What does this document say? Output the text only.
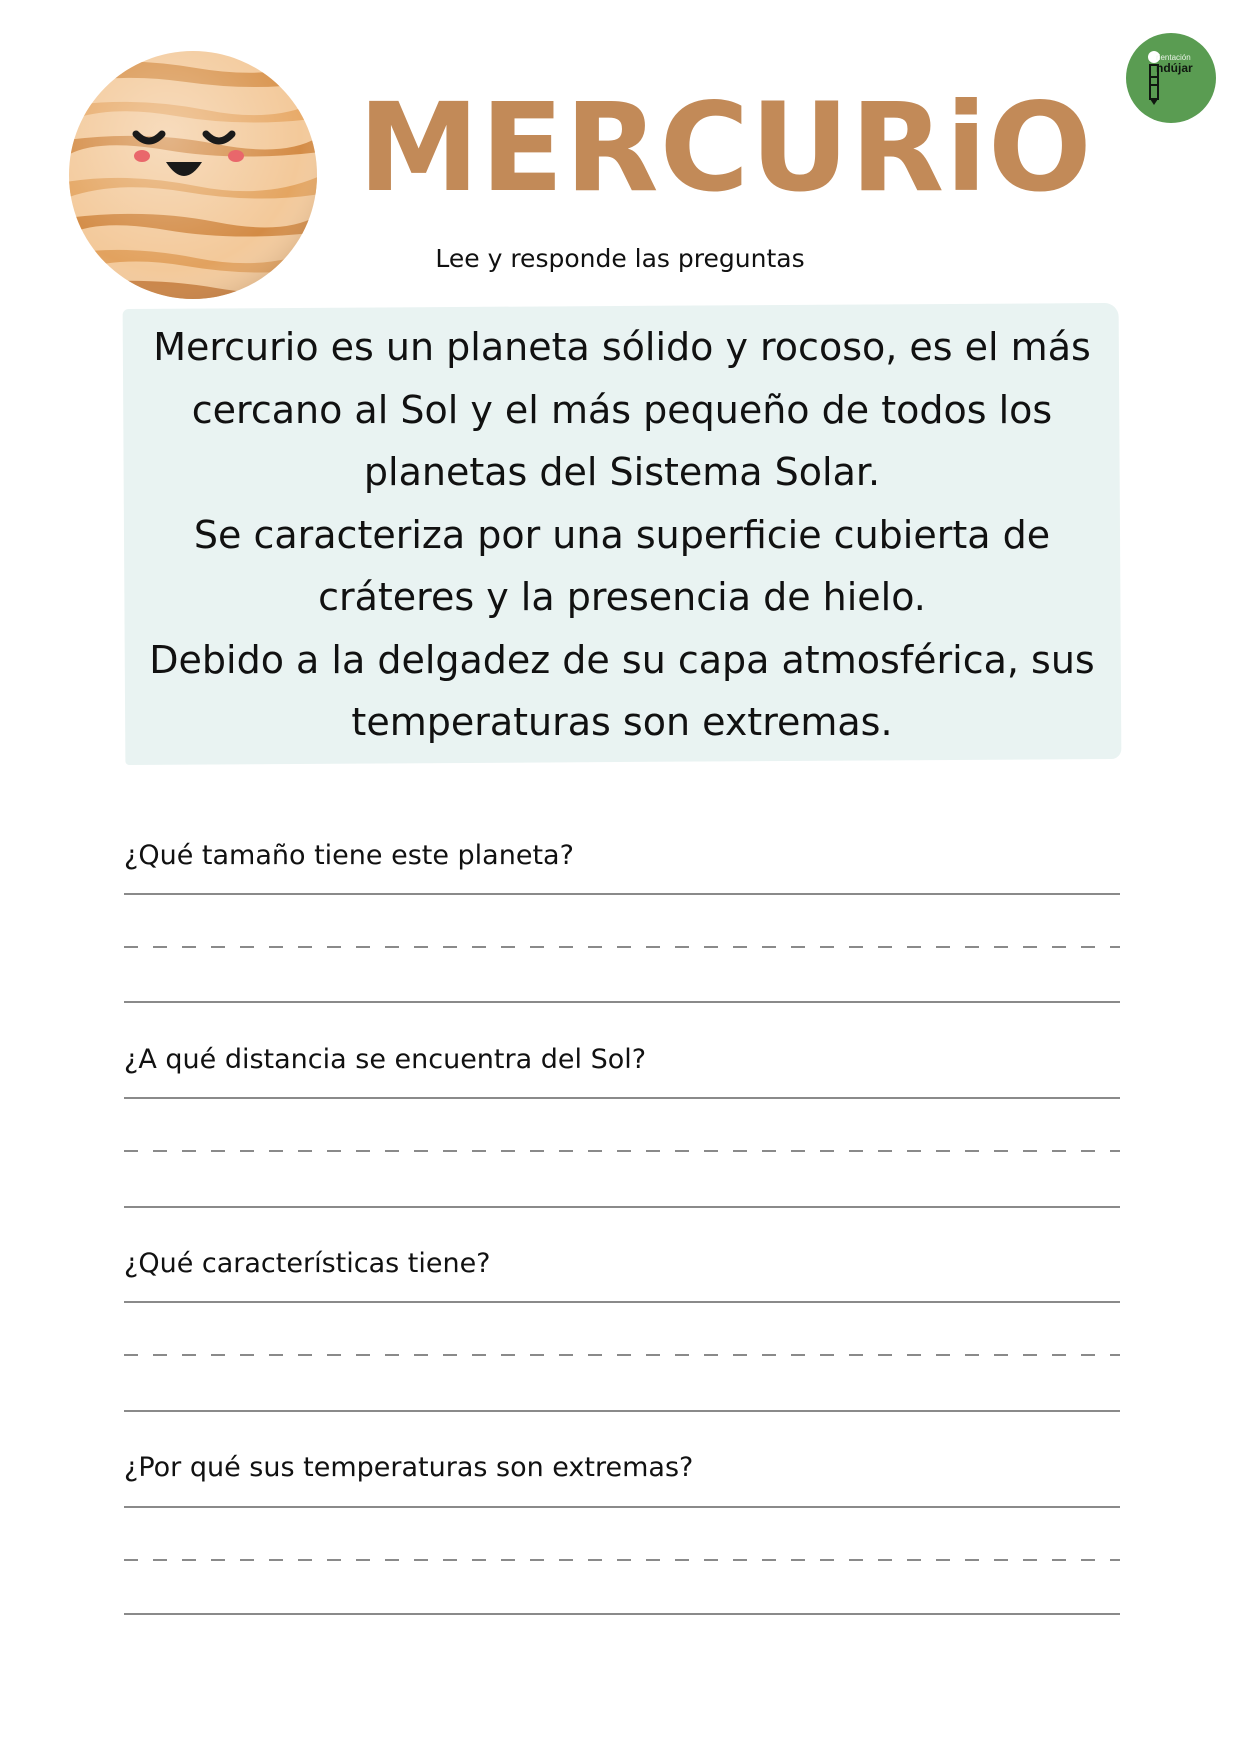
MERCURiO
rientación
ndújar
Lee y responde las preguntas
Mercurio es un planeta sólido y rocoso, es el más
cercano al Sol y el más pequeño de todos los
planetas del Sistema Solar.
Se caracteriza por una superficie cubierta de
cráteres y la presencia de hielo.
Debido a la delgadez de su capa atmosférica, sus
temperaturas son extremas.
¿Qué tamaño tiene este planeta?
¿A qué distancia se encuentra del Sol?
¿Qué características tiene?
¿Por qué sus temperaturas son extremas?
